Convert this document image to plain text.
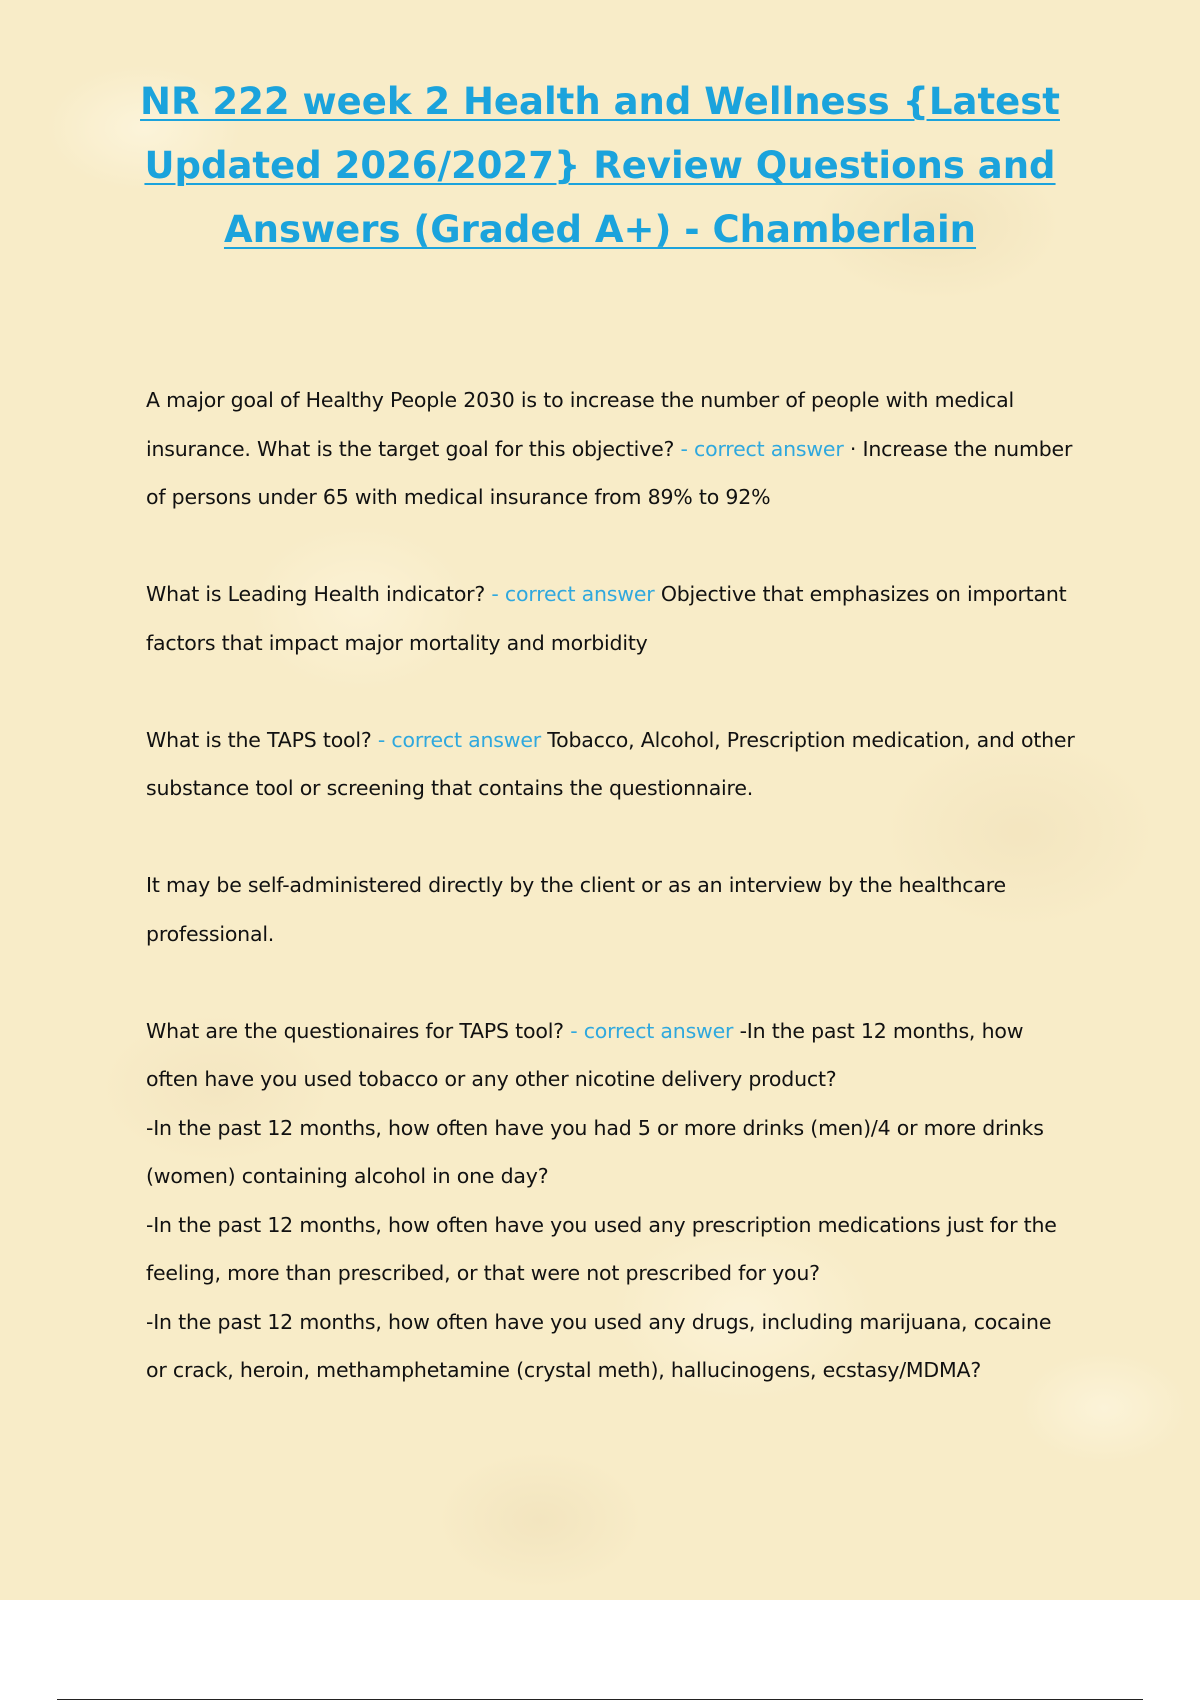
NR 222 week 2 Health and Wellness {Latest Updated 2026/2027} Review Questions and Answers (Graded A+) - Chamberlain

A major goal of Healthy People 2030 is to increase the number of people with medical insurance. What is the target goal for this objective? - correct answer · Increase the number of persons under 65 with medical insurance from 89% to 92%

What is Leading Health indicator? - correct answer Objective that emphasizes on important factors that impact major mortality and morbidity

What is the TAPS tool? - correct answer Tobacco, Alcohol, Prescription medication, and other substance tool or screening that contains the questionnaire.

It may be self-administered directly by the client or as an interview by the healthcare professional.

What are the questionaires for TAPS tool? - correct answer -In the past 12 months, how often have you used tobacco or any other nicotine delivery product?
-In the past 12 months, how often have you had 5 or more drinks (men)/4 or more drinks (women) containing alcohol in one day?
-In the past 12 months, how often have you used any prescription medications just for the feeling, more than prescribed, or that were not prescribed for you?
-In the past 12 months, how often have you used any drugs, including marijuana, cocaine or crack, heroin, methamphetamine (crystal meth), hallucinogens, ecstasy/MDMA?
